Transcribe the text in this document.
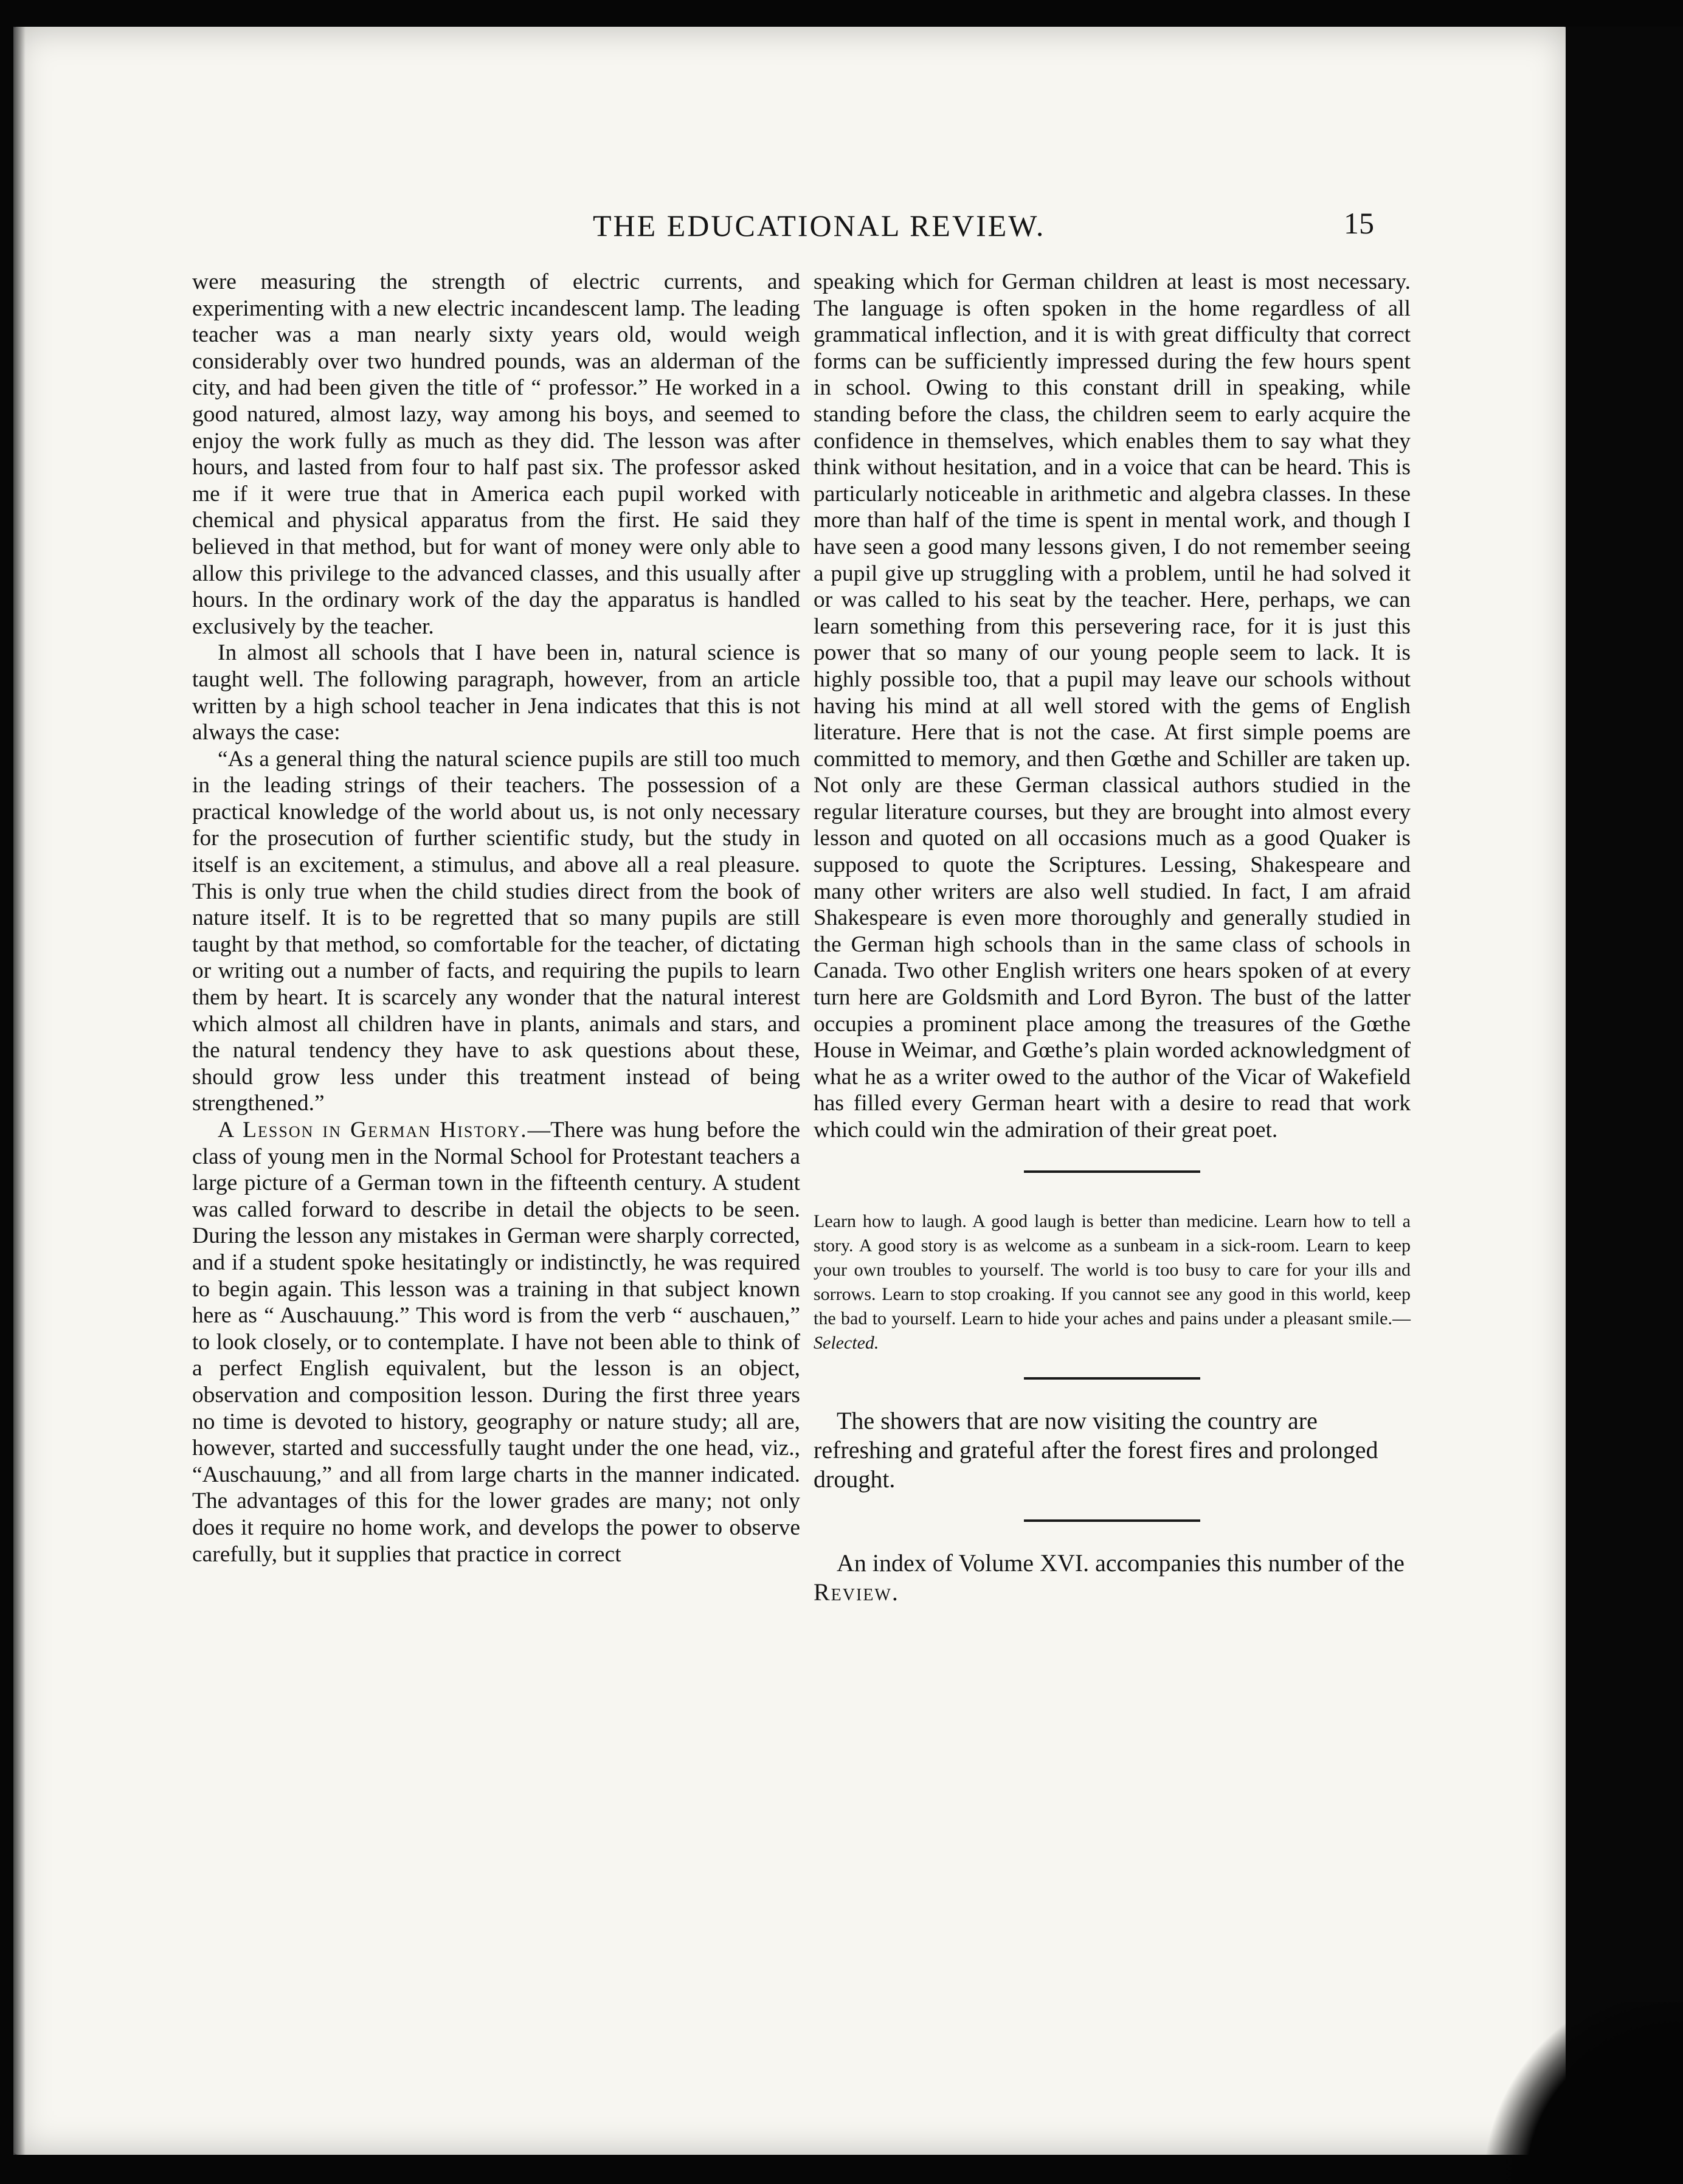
THE EDUCATIONAL REVIEW.	15

were measuring the strength of electric currents, and experimenting with a new electric incandescent lamp. The leading teacher was a man nearly sixty years old, would weigh considerably over two hundred pounds, was an alderman of the city, and had been given the title of “ professor.” He worked in a good natured, almost lazy, way among his boys, and seemed to enjoy the work fully as much as they did. The lesson was after hours, and lasted from four to half past six. The professor asked me if it were true that in America each pupil worked with chemical and physical apparatus from the first. He said they believed in that method, but for want of money were only able to allow this privilege to the advanced classes, and this usually after hours. In the ordinary work of the day the apparatus is handled exclusively by the teacher.

In almost all schools that I have been in, natural science is taught well. The following paragraph, however, from an article written by a high school teacher in Jena indicates that this is not always the case:

“As a general thing the natural science pupils are still too much in the leading strings of their teachers. The possession of a practical knowledge of the world about us, is not only necessary for the prosecution of further scientific study, but the study in itself is an excitement, a stimulus, and above all a real pleasure. This is only true when the child studies direct from the book of nature itself. It is to be regretted that so many pupils are still taught by that method, so comfortable for the teacher, of dictating or writing out a number of facts, and requiring the pupils to learn them by heart. It is scarcely any wonder that the natural interest which almost all children have in plants, animals and stars, and the natural tendency they have to ask questions about these, should grow less under this treatment instead of being strengthened.”

A Lesson in German History.—There was hung before the class of young men in the Normal School for Protestant teachers a large picture of a German town in the fifteenth century. A student was called forward to describe in detail the objects to be seen. During the lesson any mistakes in German were sharply corrected, and if a student spoke hesitatingly or indistinctly, he was required to begin again. This lesson was a training in that subject known here as “ Auschauung.” This word is from the verb “ auschauen,” to look closely, or to contemplate. I have not been able to think of a perfect English equivalent, but the lesson is an object, observation and composition lesson. During the first three years no time is devoted to history, geography or nature study; all are, however, started and successfully taught under the one head, viz., “Auschauung,” and all from large charts in the manner indicated. The advantages of this for the lower grades are many; not only does it require no home work, and develops the power to observe carefully, but it supplies that practice in correct

speaking which for German children at least is most necessary. The language is often spoken in the home regardless of all grammatical inflection, and it is with great difficulty that correct forms can be sufficiently impressed during the few hours spent in school. Owing to this constant drill in speaking, while standing before the class, the children seem to early acquire the confidence in themselves, which enables them to say what they think without hesitation, and in a voice that can be heard. This is particularly noticeable in arithmetic and algebra classes. In these more than half of the time is spent in mental work, and though I have seen a good many lessons given, I do not remember seeing a pupil give up struggling with a problem, until he had solved it or was called to his seat by the teacher. Here, perhaps, we can learn something from this persevering race, for it is just this power that so many of our young people seem to lack. It is highly possible too, that a pupil may leave our schools without having his mind at all well stored with the gems of English literature. Here that is not the case. At first simple poems are committed to memory, and then Gœthe and Schiller are taken up. Not only are these German classical authors studied in the regular literature courses, but they are brought into almost every lesson and quoted on all occasions much as a good Quaker is supposed to quote the Scriptures. Lessing, Shakespeare and many other writers are also well studied. In fact, I am afraid Shakespeare is even more thoroughly and generally studied in the German high schools than in the same class of schools in Canada. Two other English writers one hears spoken of at every turn here are Goldsmith and Lord Byron. The bust of the latter occupies a prominent place among the treasures of the Gœthe House in Weimar, and Gœthe’s plain worded acknowledgment of what he as a writer owed to the author of the Vicar of Wakefield has filled every German heart with a desire to read that work which could win the admiration of their great poet.

Learn how to laugh. A good laugh is better than medicine. Learn how to tell a story. A good story is as welcome as a sunbeam in a sick-room. Learn to keep your own troubles to yourself. The world is too busy to care for your ills and sorrows. Learn to stop croaking. If you cannot see any good in this world, keep the bad to yourself. Learn to hide your aches and pains under a pleasant smile.—Selected.

The showers that are now visiting the country are refreshing and grateful after the forest fires and prolonged drought.

An index of Volume XVI. accompanies this number of the Review.
